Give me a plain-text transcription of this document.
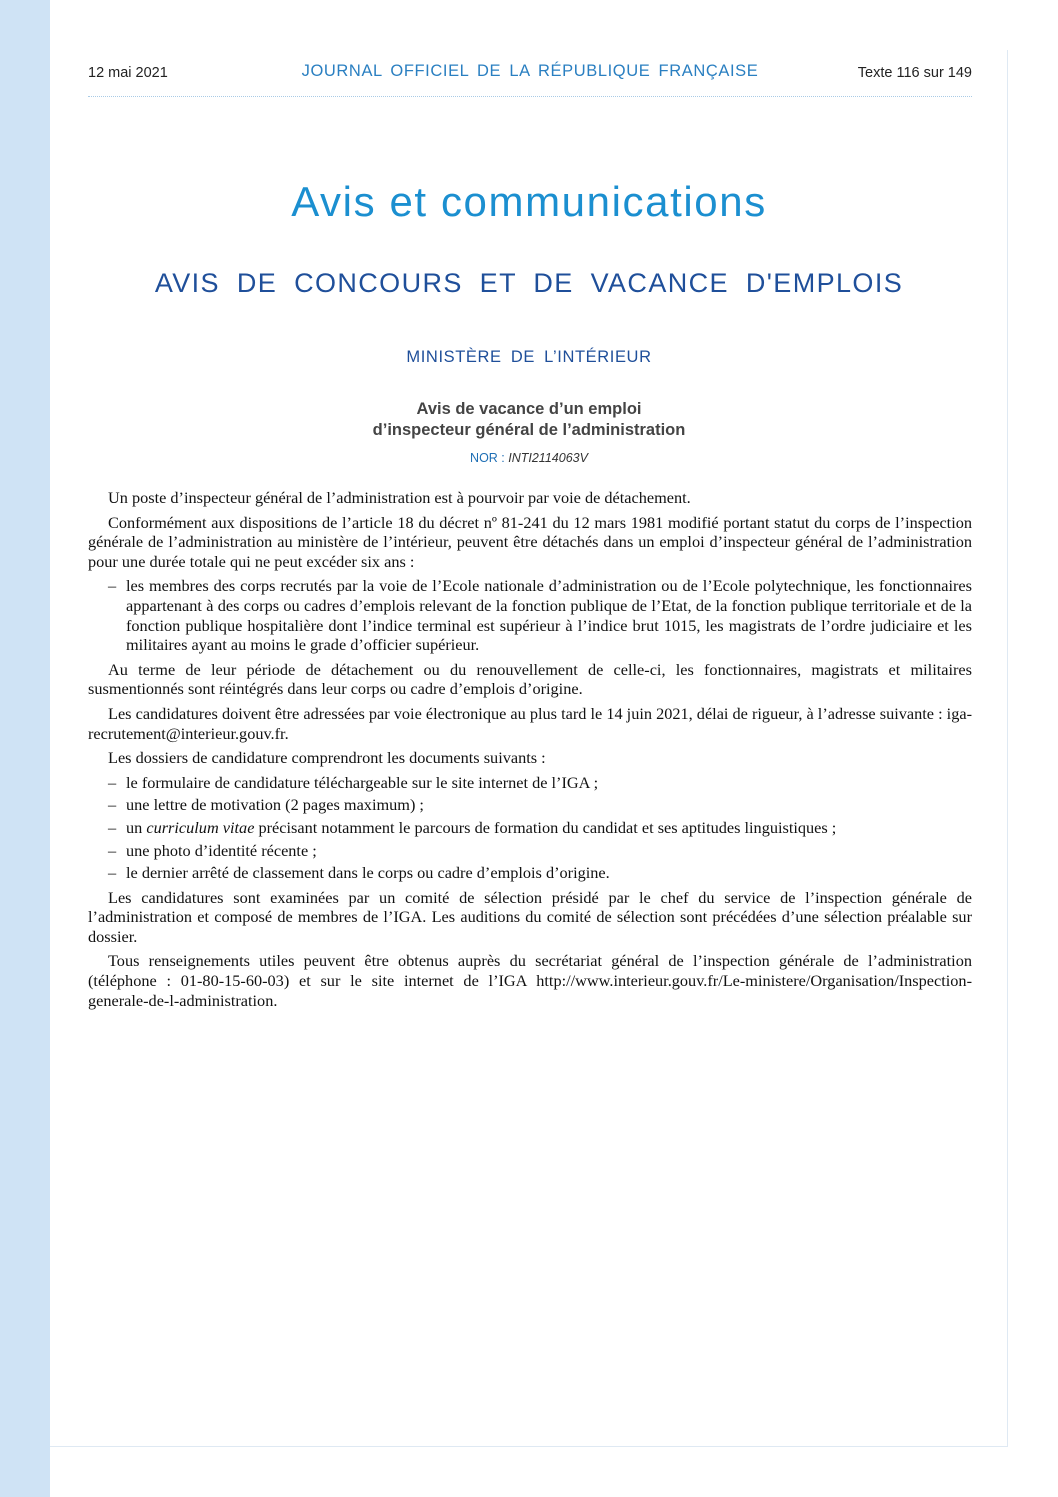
12 mai 2021	JOURNAL OFFICIEL DE LA RÉPUBLIQUE FRANÇAISE	Texte 116 sur 149
Avis et communications
AVIS DE CONCOURS ET DE VACANCE D'EMPLOIS
MINISTÈRE DE L’INTÉRIEUR
Avis de vacance d’un emploi
d’inspecteur général de l’administration
NOR : INTI2114063V

Un poste d’inspecteur général de l’administration est à pourvoir par voie de détachement.

Conformément aux dispositions de l’article 18 du décret nº 81-241 du 12 mars 1981 modifié portant statut du corps de l’inspection générale de l’administration au ministère de l’intérieur, peuvent être détachés dans un emploi d’inspecteur général de l’administration pour une durée totale qui ne peut excéder six ans :

– les membres des corps recrutés par la voie de l’Ecole nationale d’administration ou de l’Ecole polytechnique, les fonctionnaires appartenant à des corps ou cadres d’emplois relevant de la fonction publique de l’Etat, de la fonction publique territoriale et de la fonction publique hospitalière dont l’indice terminal est supérieur à l’indice brut 1015, les magistrats de l’ordre judiciaire et les militaires ayant au moins le grade d’officier supérieur.

Au terme de leur période de détachement ou du renouvellement de celle-ci, les fonctionnaires, magistrats et militaires susmentionnés sont réintégrés dans leur corps ou cadre d’emplois d’origine.

Les candidatures doivent être adressées par voie électronique au plus tard le 14 juin 2021, délai de rigueur, à l’adresse suivante : iga-recrutement@interieur.gouv.fr.

Les dossiers de candidature comprendront les documents suivants :

– le formulaire de candidature téléchargeable sur le site internet de l’IGA ;
– une lettre de motivation (2 pages maximum) ;
– un curriculum vitae précisant notamment le parcours de formation du candidat et ses aptitudes linguistiques ;
– une photo d’identité récente ;
– le dernier arrêté de classement dans le corps ou cadre d’emplois d’origine.

Les candidatures sont examinées par un comité de sélection présidé par le chef du service de l’inspection générale de l’administration et composé de membres de l’IGA. Les auditions du comité de sélection sont précédées d’une sélection préalable sur dossier.

Tous renseignements utiles peuvent être obtenus auprès du secrétariat général de l’inspection générale de l’administration (téléphone : 01-80-15-60-03) et sur le site internet de l’IGA http://www.interieur.gouv.fr/Le-ministere/Organisation/Inspection-generale-de-l-administration.
